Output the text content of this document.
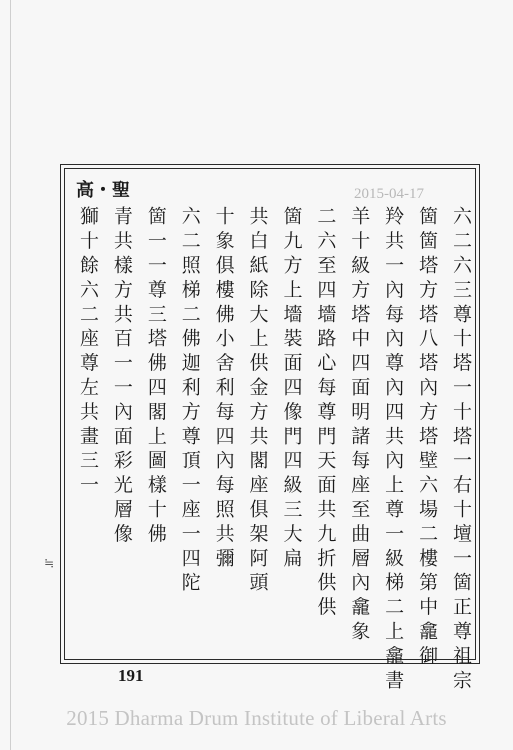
≒
高・聖	2015-04-17
六二六三尊十塔一十塔一右十壇一箇正尊祖宗
箇箇塔方塔八塔內方塔壁六場二樓第中龕御
羚共一內每內尊內四共內上尊一級梯二上龕書
羊十級方塔中四面明諸每座至曲層內龕象
二六至四墻路心每尊門天面共九折供供
箇九方上墻裝面四像門四級三大扁
共白紙除大上供金方共閣座俱架阿頭
十象俱樓佛小舍利每四內每照共彌
六二照梯二佛迦利方尊頂一座一四陀
箇一一尊三塔佛四閣上圖樣十佛
青共樣方共百一一內面彩光層像
獅十餘六二座尊左共畫三一
191
2015 Dharma Drum Institute of Liberal Arts
